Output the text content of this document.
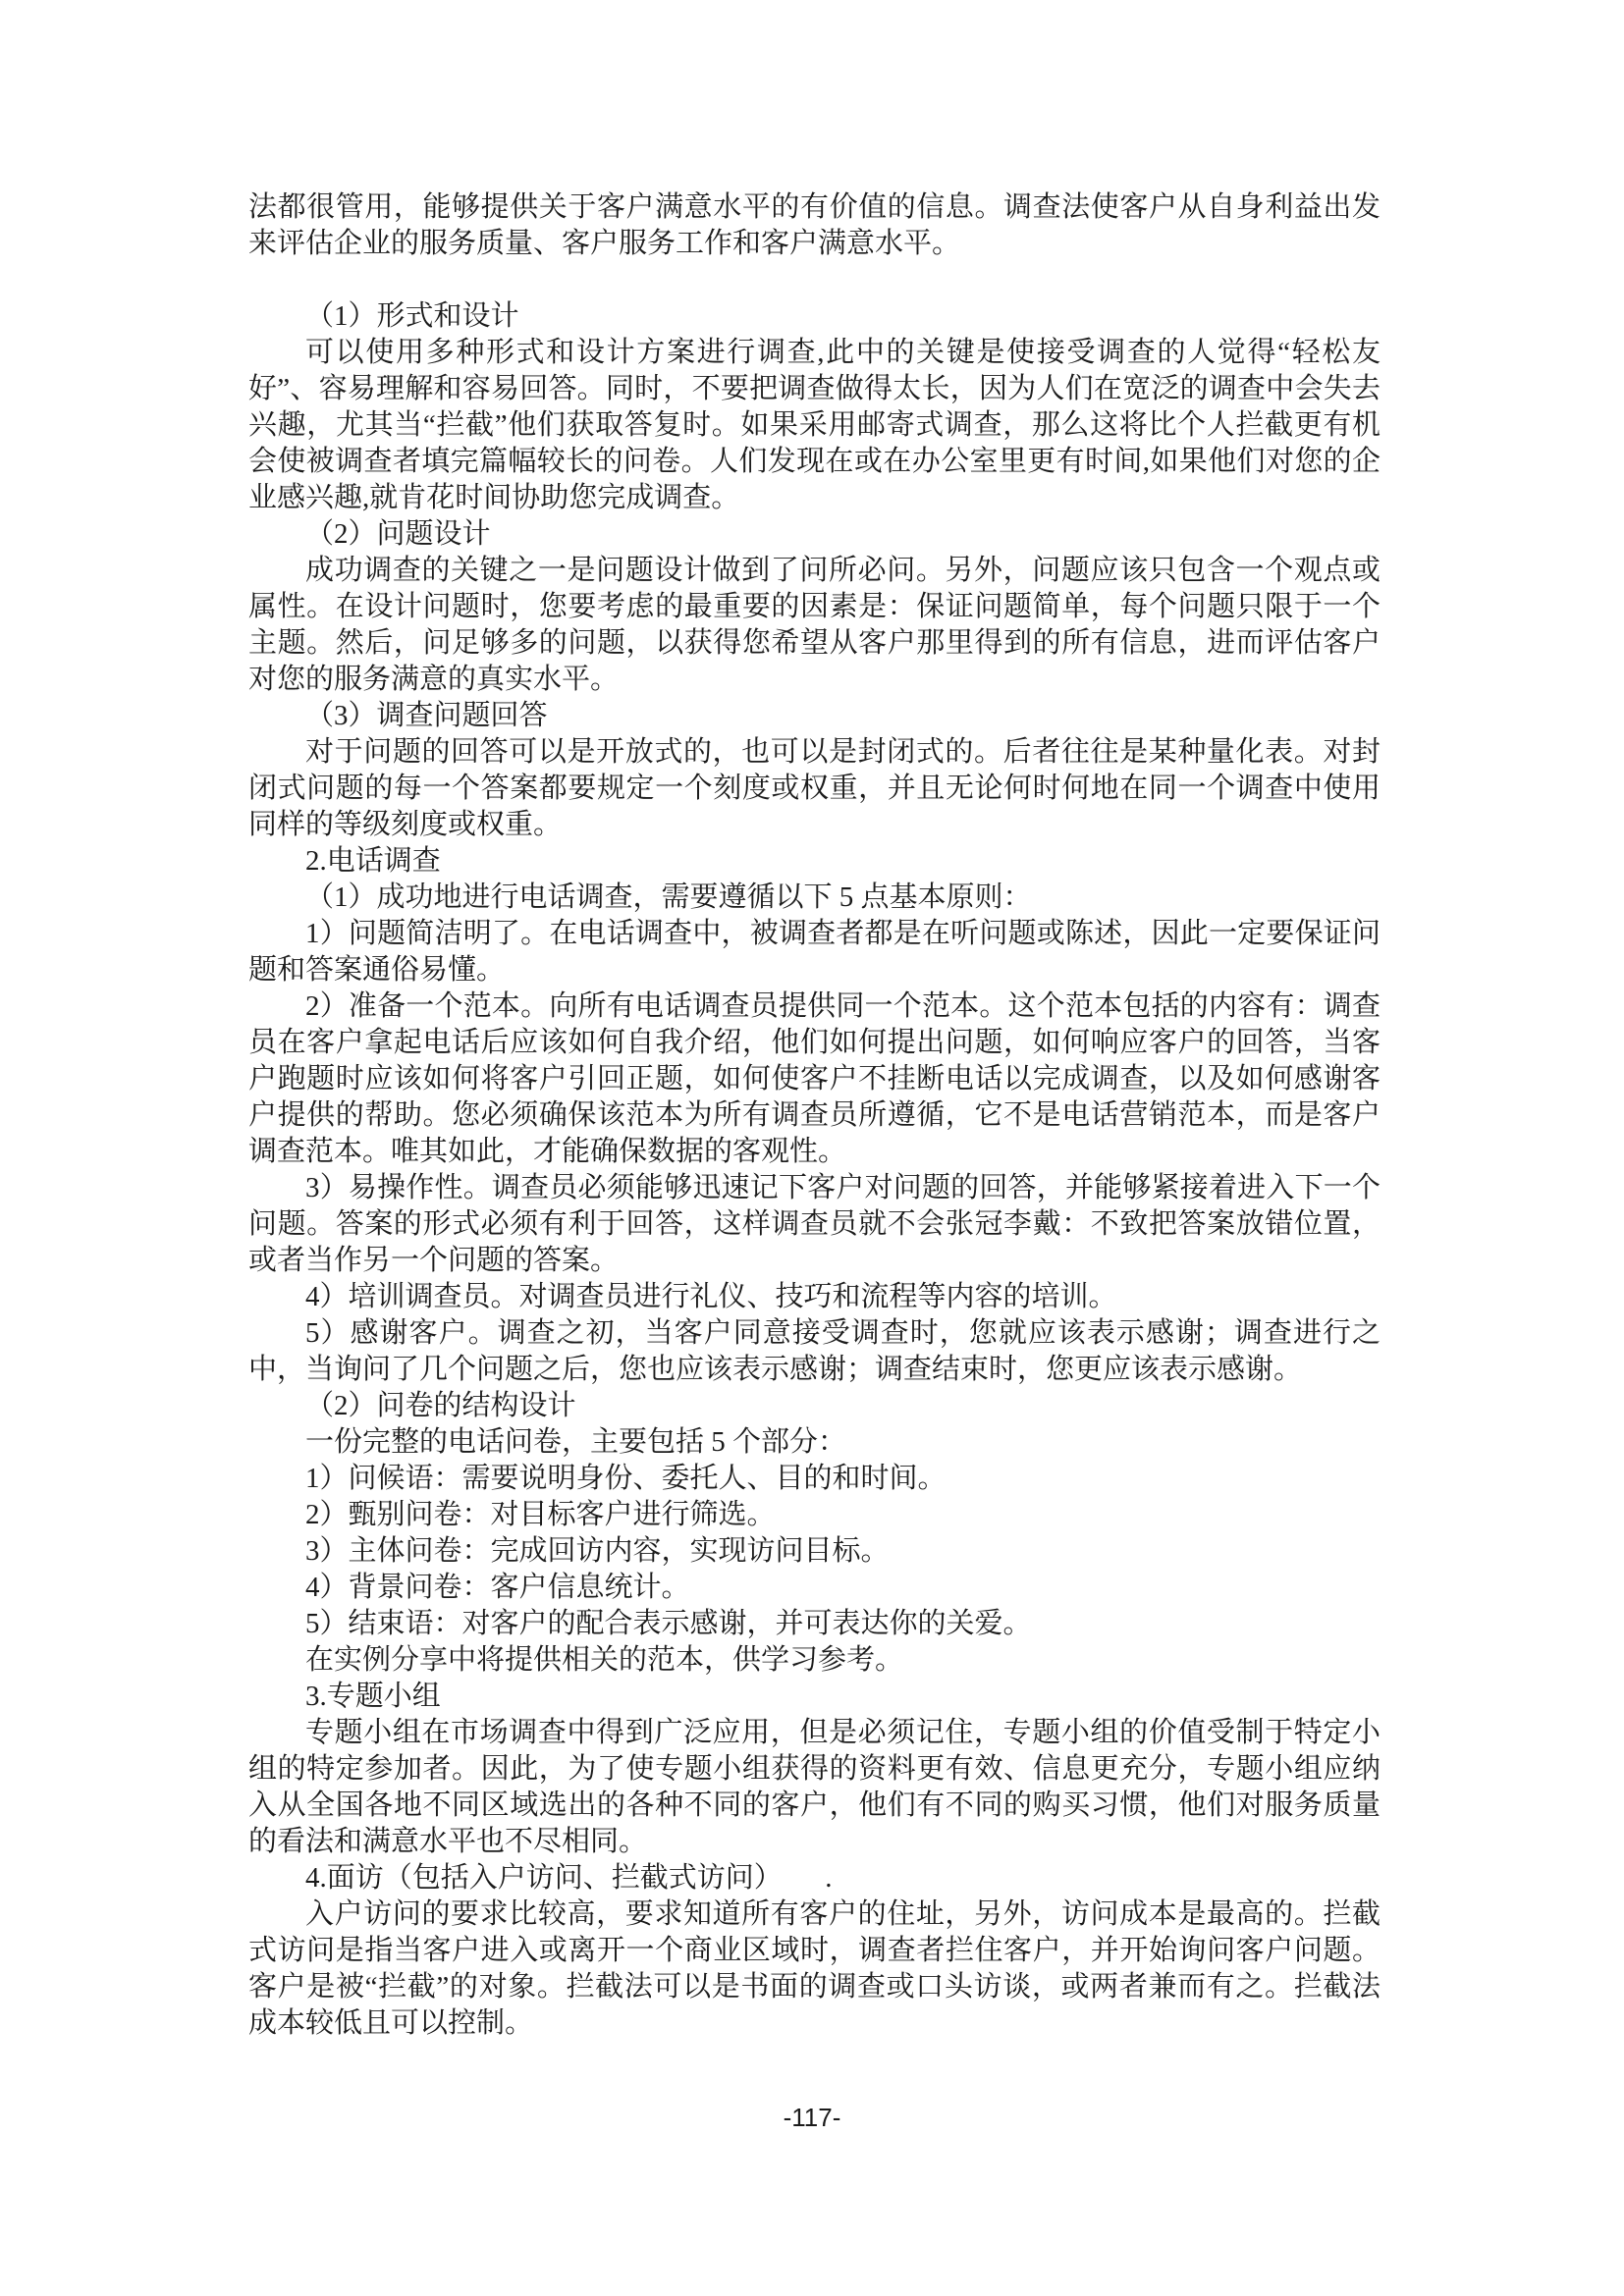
法都很管用，能够提供关于客户满意水平的有价值的信息。调查法使客户从自身利益出发来评估企业的服务质量、客户服务工作和客户满意水平。

（1）形式和设计

可以使用多种形式和设计方案进行调查,此中的关键是使接受调查的人觉得“轻松友好”、容易理解和容易回答。同时，不要把调查做得太长，因为人们在宽泛的调查中会失去兴趣，尤其当“拦截”他们获取答复时。如果采用邮寄式调查，那么这将比个人拦截更有机会使被调查者填完篇幅较长的问卷。人们发现在或在办公室里更有时间,如果他们对您的企业感兴趣,就肯花时间协助您完成调查。

（2）问题设计

成功调查的关键之一是问题设计做到了问所必问。另外，问题应该只包含一个观点或属性。在设计问题时，您要考虑的最重要的因素是：保证问题简单，每个问题只限于一个主题。然后，问足够多的问题，以获得您希望从客户那里得到的所有信息，进而评估客户对您的服务满意的真实水平。

（3）调查问题回答

对于问题的回答可以是开放式的，也可以是封闭式的。后者往往是某种量化表。对封闭式问题的每一个答案都要规定一个刻度或权重，并且无论何时何地在同一个调查中使用同样的等级刻度或权重。

2.电话调查

（1）成功地进行电话调查，需要遵循以下 5 点基本原则：

1）问题简洁明了。在电话调查中，被调查者都是在听问题或陈述，因此一定要保证问题和答案通俗易懂。

2）准备一个范本。向所有电话调查员提供同一个范本。这个范本包括的内容有：调查员在客户拿起电话后应该如何自我介绍，他们如何提出问题，如何响应客户的回答，当客户跑题时应该如何将客户引回正题，如何使客户不挂断电话以完成调查，以及如何感谢客户提供的帮助。您必须确保该范本为所有调查员所遵循，它不是电话营销范本，而是客户调查范本。唯其如此，才能确保数据的客观性。

3）易操作性。调查员必须能够迅速记下客户对问题的回答，并能够紧接着进入下一个问题。答案的形式必须有利于回答，这样调查员就不会张冠李戴：不致把答案放错位置，或者当作另一个问题的答案。

4）培训调查员。对调查员进行礼仪、技巧和流程等内容的培训。

5）感谢客户。调查之初，当客户同意接受调查时，您就应该表示感谢；调查进行之中，当询问了几个问题之后，您也应该表示感谢；调查结束时，您更应该表示感谢。

（2）问卷的结构设计

一份完整的电话问卷，主要包括 5 个部分：

1）问候语：需要说明身份、委托人、目的和时间。

2）甄别问卷：对目标客户进行筛选。

3）主体问卷：完成回访内容，实现访问目标。

4）背景问卷：客户信息统计。

5）结束语：对客户的配合表示感谢，并可表达你的关爱。

在实例分享中将提供相关的范本，供学习参考。

3.专题小组

专题小组在市场调查中得到广泛应用，但是必须记住，专题小组的价值受制于特定小组的特定参加者。因此，为了使专题小组获得的资料更有效、信息更充分，专题小组应纳入从全国各地不同区域选出的各种不同的客户，他们有不同的购买习惯，他们对服务质量的看法和满意水平也不尽相同。

4.面访（包括入户访问、拦截式访问）　　.

入户访问的要求比较高，要求知道所有客户的住址，另外，访问成本是最高的。拦截式访问是指当客户进入或离开一个商业区域时，调查者拦住客户，并开始询问客户问题。客户是被“拦截”的对象。拦截法可以是书面的调查或口头访谈，或两者兼而有之。拦截法成本较低且可以控制。

-117-
